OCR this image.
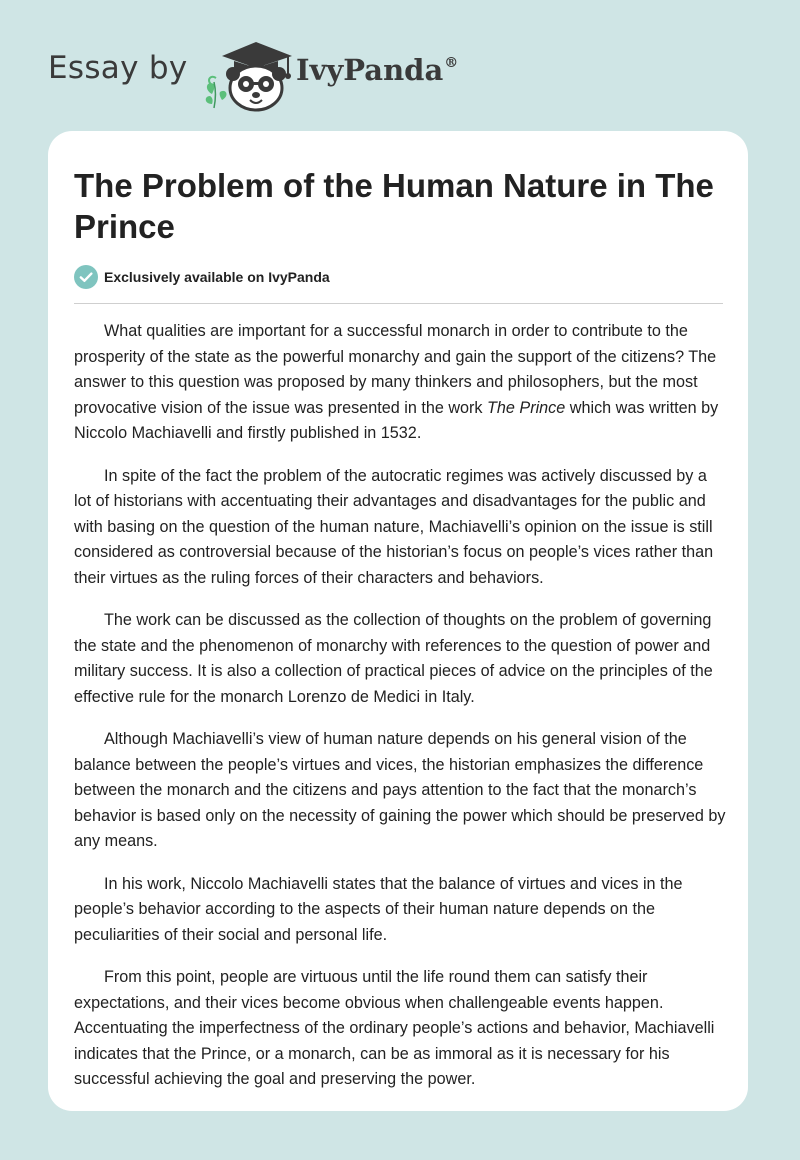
Essay by	IvyPanda®
The Problem of the Human Nature in The Prince
Exclusively available on IvyPanda

What qualities are important for a successful monarch in order to contribute to the prosperity of the state as the powerful monarchy and gain the support of the citizens? The answer to this question was proposed by many thinkers and philosophers, but the most provocative vision of the issue was presented in the work The Prince which was written by Niccolo Machiavelli and firstly published in 1532.

In spite of the fact the problem of the autocratic regimes was actively discussed by a lot of historians with accentuating their advantages and disadvantages for the public and with basing on the question of the human nature, Machiavelli’s opinion on the issue is still considered as controversial because of the historian’s focus on people’s vices rather than their virtues as the ruling forces of their characters and behaviors.

The work can be discussed as the collection of thoughts on the problem of governing the state and the phenomenon of monarchy with references to the question of power and military success. It is also a collection of practical pieces of advice on the principles of the effective rule for the monarch Lorenzo de Medici in Italy.

Although Machiavelli’s view of human nature depends on his general vision of the balance between the people’s virtues and vices, the historian emphasizes the difference between the monarch and the citizens and pays attention to the fact that the monarch’s behavior is based only on the necessity of gaining the power which should be preserved by any means.

In his work, Niccolo Machiavelli states that the balance of virtues and vices in the people’s behavior according to the aspects of their human nature depends on the peculiarities of their social and personal life.

From this point, people are virtuous until the life round them can satisfy their expectations, and their vices become obvious when challengeable events happen. Accentuating the imperfectness of the ordinary people’s actions and behavior, Machiavelli indicates that the Prince, or a monarch, can be as immoral as it is necessary for his successful achieving the goal and preserving the power.
